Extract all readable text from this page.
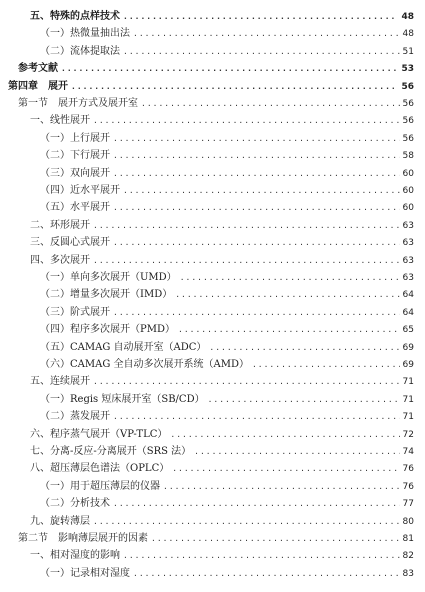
五、特殊的点样技术 .....	48
（一）热微量抽出法 .....	48
（二）流体提取法 .....	51
参考文献 .....	53
第四章　展开 .....	56
第一节　展开方式及展开室 .....	56
一、线性展开 .....	56
（一）上行展开 .....	56
（二）下行展开 .....	58
（三）双向展开 .....	60
（四）近水平展开 .....	60
（五）水平展开 .....	60
二、环形展开 .....	63
三、反圆心式展开 .....	63
四、多次展开 .....	63
（一）单向多次展开（UMD） .....	63
（二）增量多次展开（IMD） .....	64
（三）阶式展开 .....	64
（四）程序多次展开（PMD） .....	65
（五）CAMAG 自动展开室（ADC） .....	69
（六）CAMAG 全自动多次展开系统（AMD） .....	69
五、连续展开 .....	71
（一）Regis 短床展开室（SB/CD） .....	71
（二）蒸发展开 .....	71
六、程序蒸气展开（VP-TLC） .....	72
七、分离-反应-分离展开（SRS 法） .....	74
八、超压薄层色谱法（OPLC） .....	76
（一）用于超压薄层的仪器 .....	76
（二）分析技术 .....	77
九、旋转薄层 .....	80
第二节　影响薄层展开的因素 .....	81
一、相对湿度的影响 .....	82
（一）记录相对湿度 .....	83
